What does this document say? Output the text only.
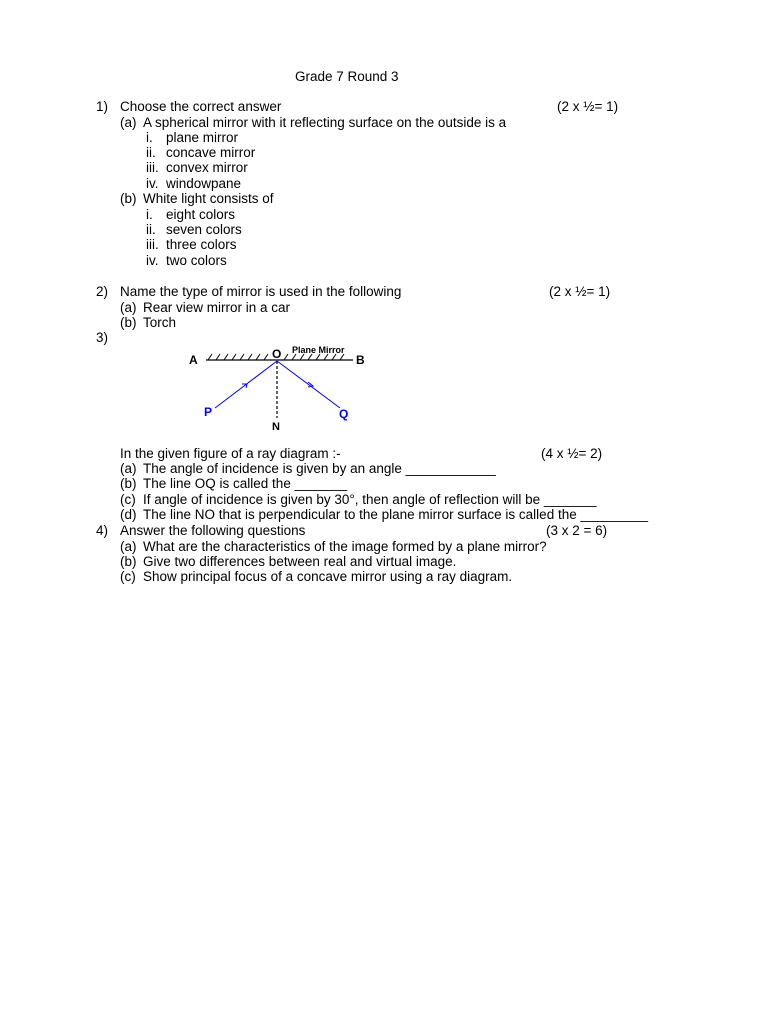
Grade 7 Round 3
1) Choose the correct answer	(2 x ½= 1)
(a) A spherical mirror with it reflecting surface on the outside is a
i. plane mirror
ii. concave mirror
iii. convex mirror
iv. windowpane
(b) White light consists of
i. eight colors
ii. seven colors
iii. three colors
iv. two colors
2) Name the type of mirror is used in the following	(2 x ½= 1)
(a) Rear view mirror in a car
(b) Torch
3)
A	B
O Plane Mirror
P	Q
N
In the given figure of a ray diagram :-	(4 x ½= 2)
(a) The angle of incidence is given by an angle ____________
(b) The line OQ is called the _______
(c) If angle of incidence is given by 30°, then angle of reflection will be _______
(d) The line NO that is perpendicular to the plane mirror surface is called the _________
4) Answer the following questions	(3 x 2 = 6)
(a) What are the characteristics of the image formed by a plane mirror?
(b) Give two differences between real and virtual image.
(c) Show principal focus of a concave mirror using a ray diagram.
